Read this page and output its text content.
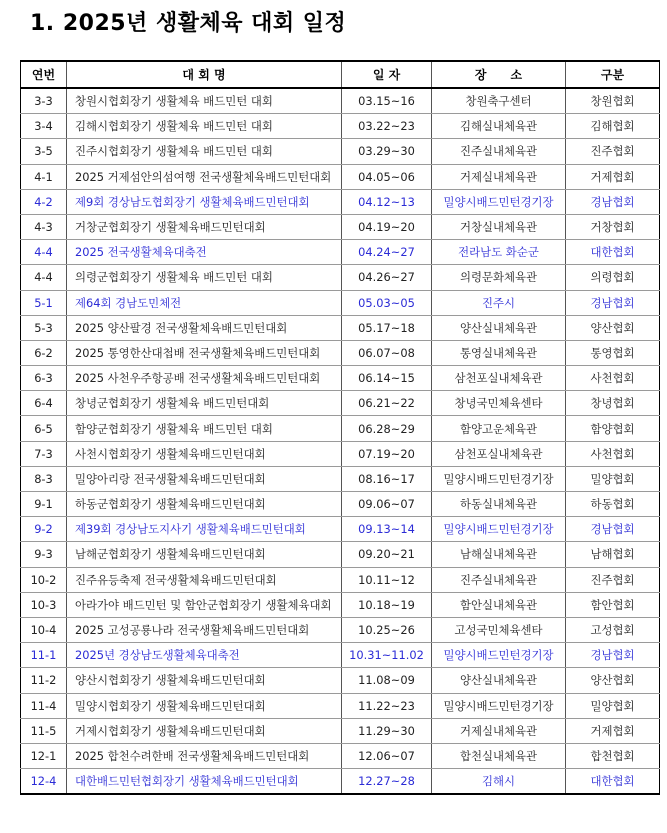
1. 2025년 생활체육 대회 일정
연번	대 회 명	일 자	장　　소	구분
3-3	창원시협회장기 생활체육 배드민턴 대회	03.15~16	창원축구센터	창원협회
3-4	김해시협회장기 생활체육 배드민턴 대회	03.22~23	김해실내체육관	김해협회
3-5	진주시협회장기 생활체육 배드민턴 대회	03.29~30	진주실내체육관	진주협회
4-1	2025 거제섬안의섬여행 전국생활체육배드민턴대회	04.05~06	거제실내체육관	거제협회
4-2	제9회 경상남도협회장기 생활체육배드민턴대회	04.12~13	밀양시배드민턴경기장	경남협회
4-3	거창군협회장기 생활체육배드민턴대회	04.19~20	거창실내체육관	거창협회
4-4	2025 전국생활체육대축전	04.24~27	전라남도 화순군	대한협회
4-4	의령군협회장기 생활체육 배드민턴 대회	04.26~27	의령문화체육관	의령협회
5-1	제64회 경남도민체전	05.03~05	진주시	경남협회
5-3	2025 양산팔경 전국생활체육배드민턴대회	05.17~18	양산실내체육관	양산협회
6-2	2025 통영한산대첩배 전국생활체육배드민턴대회	06.07~08	통영실내체육관	통영협회
6-3	2025 사천우주항공배 전국생활체육배드민턴대회	06.14~15	삼천포실내체육관	사천협회
6-4	창녕군협회장기 생활체육 배드민턴대회	06.21~22	창녕국민체육센타	창녕협회
6-5	함양군협회장기 생활체육 배드민턴 대회	06.28~29	함양고운체육관	함양협회
7-3	사천시협회장기 생활체육배드민턴대회	07.19~20	삼천포실내체육관	사천협회
8-3	밀양아리랑 전국생활체육배드민턴대회	08.16~17	밀양시배드민턴경기장	밀양협회
9-1	하동군협회장기 생활체육배드민턴대회	09.06~07	하동실내체육관	하동협회
9-2	제39회 경상남도지사기 생활체육배드민턴대회	09.13~14	밀양시배드민턴경기장	경남협회
9-3	남해군협회장기 생활체육배드민턴대회	09.20~21	남해실내체육관	남해협회
10-2	진주유등축제 전국생활체육배드민턴대회	10.11~12	진주실내체육관	진주협회
10-3	아라가야 배드민턴 및 함안군협회장기 생활체육대회	10.18~19	함안실내체육관	함안협회
10-4	2025 고성공룡나라 전국생활체육배드민턴대회	10.25~26	고성국민체육센타	고성협회
11-1	2025년 경상남도생활체육대축전	10.31~11.02	밀양시배드민턴경기장	경남협회
11-2	양산시협회장기 생활체육배드민턴대회	11.08~09	양산실내체육관	양산협회
11-4	밀양시협회장기 생활체육배드민턴대회	11.22~23	밀양시배드민턴경기장	밀양협회
11-5	거제시협회장기 생활체육배드민턴대회	11.29~30	거제실내체육관	거제협회
12-1	2025 합천수려한배 전국생활체육배드민턴대회	12.06~07	합천실내체육관	합천협회
12-4	대한배드민턴협회장기 생활체육배드민턴대회	12.27~28	김해시	대한협회
